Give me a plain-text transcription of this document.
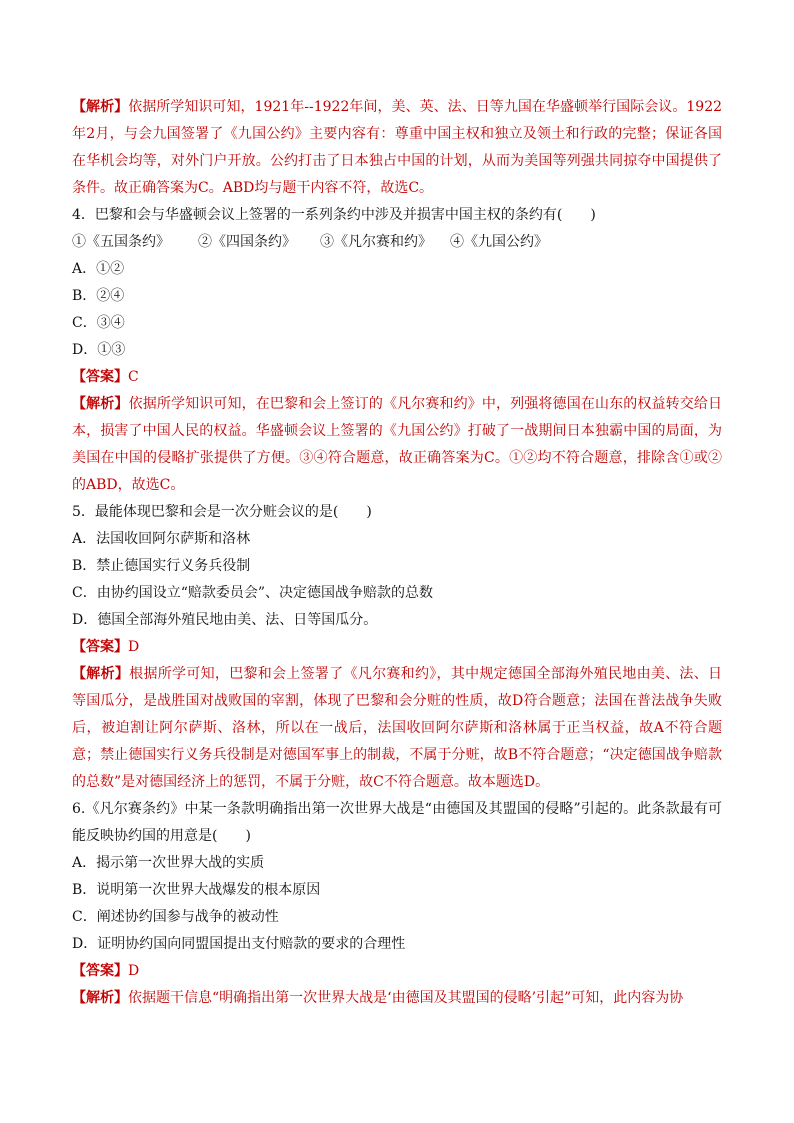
【 解析 】 依据所学知识可知，1921年--1922年间，美、英、法、日等九国在华盛顿举行国际会议。1922年2月，与会九国签署了《九国公约》主要内容有：尊重中国主权和独立及领土和行政的完整；保证各国在华机会均等，对外门户开放。公约打击了日本独占中国的计划，从而为美国等列强共同掠夺中国提供了条件。故正确答案为C。ABD均与题干内容不符，故选C。

4．巴黎和会与华盛顿会议上签署的一系列条约中涉及并损害中国主权的条约有(　　)

①《五国条约》	②《四国条约》	③《凡尔赛和约》	④《九国公约》
A．①②
B．②④
C．③④
D．①③

【 答案 】 C

【 解析 】 依据所学知识可知，在巴黎和会上签订的《凡尔赛和约》中，列强将德国在山东的权益转交给日本，损害了中国人民的权益。华盛顿会议上签署的《九国公约》打破了一战期间日本独霸中国的局面，为美国在中国的侵略扩张提供了方便。③④符合题意，故正确答案为C。①②均不符合题意，排除含①或②的ABD，故选C。

5．最能体现巴黎和会是一次分赃会议的是(　　)

A．法国收回阿尔萨斯和洛林
B．禁止德国实行义务兵役制
C．由协约国设立“赔款委员会”、决定德国战争赔款的总数
D．德国全部海外殖民地由美、法、日等国瓜分。

【 答案 】 D

【 解析 】 根据所学可知，巴黎和会上签署了《凡尔赛和约》，其中规定德国全部海外殖民地由美、法、日等国瓜分，是战胜国对战败国的宰割，体现了巴黎和会分赃的性质，故D符合题意；法国在普法战争失败后，被迫割让阿尔萨斯、洛林，所以在一战后，法国收回阿尔萨斯和洛林属于正当权益，故A不符合题意；禁止德国实行义务兵役制是对德国军事上的制裁，不属于分赃，故B不符合题意；“决定德国战争赔款的总数”是对德国经济上的惩罚，不属于分赃，故C不符合题意。故本题选D。

6.《凡尔赛条约》中某一条款明确指出第一次世界大战是“由德国及其盟国的侵略”引起的。此条款最有可能反映协约国的用意是(　　)

A．揭示第一次世界大战的实质
B．说明第一次世界大战爆发的根本原因
C．阐述协约国参与战争的被动性
D．证明协约国向同盟国提出支付赔款的要求的合理性

【 答案 】 D

【 解析 】 依据题干信息“明确指出第一次世界大战是‘由德国及其盟国的侵略’引起”可知，此内容为协
